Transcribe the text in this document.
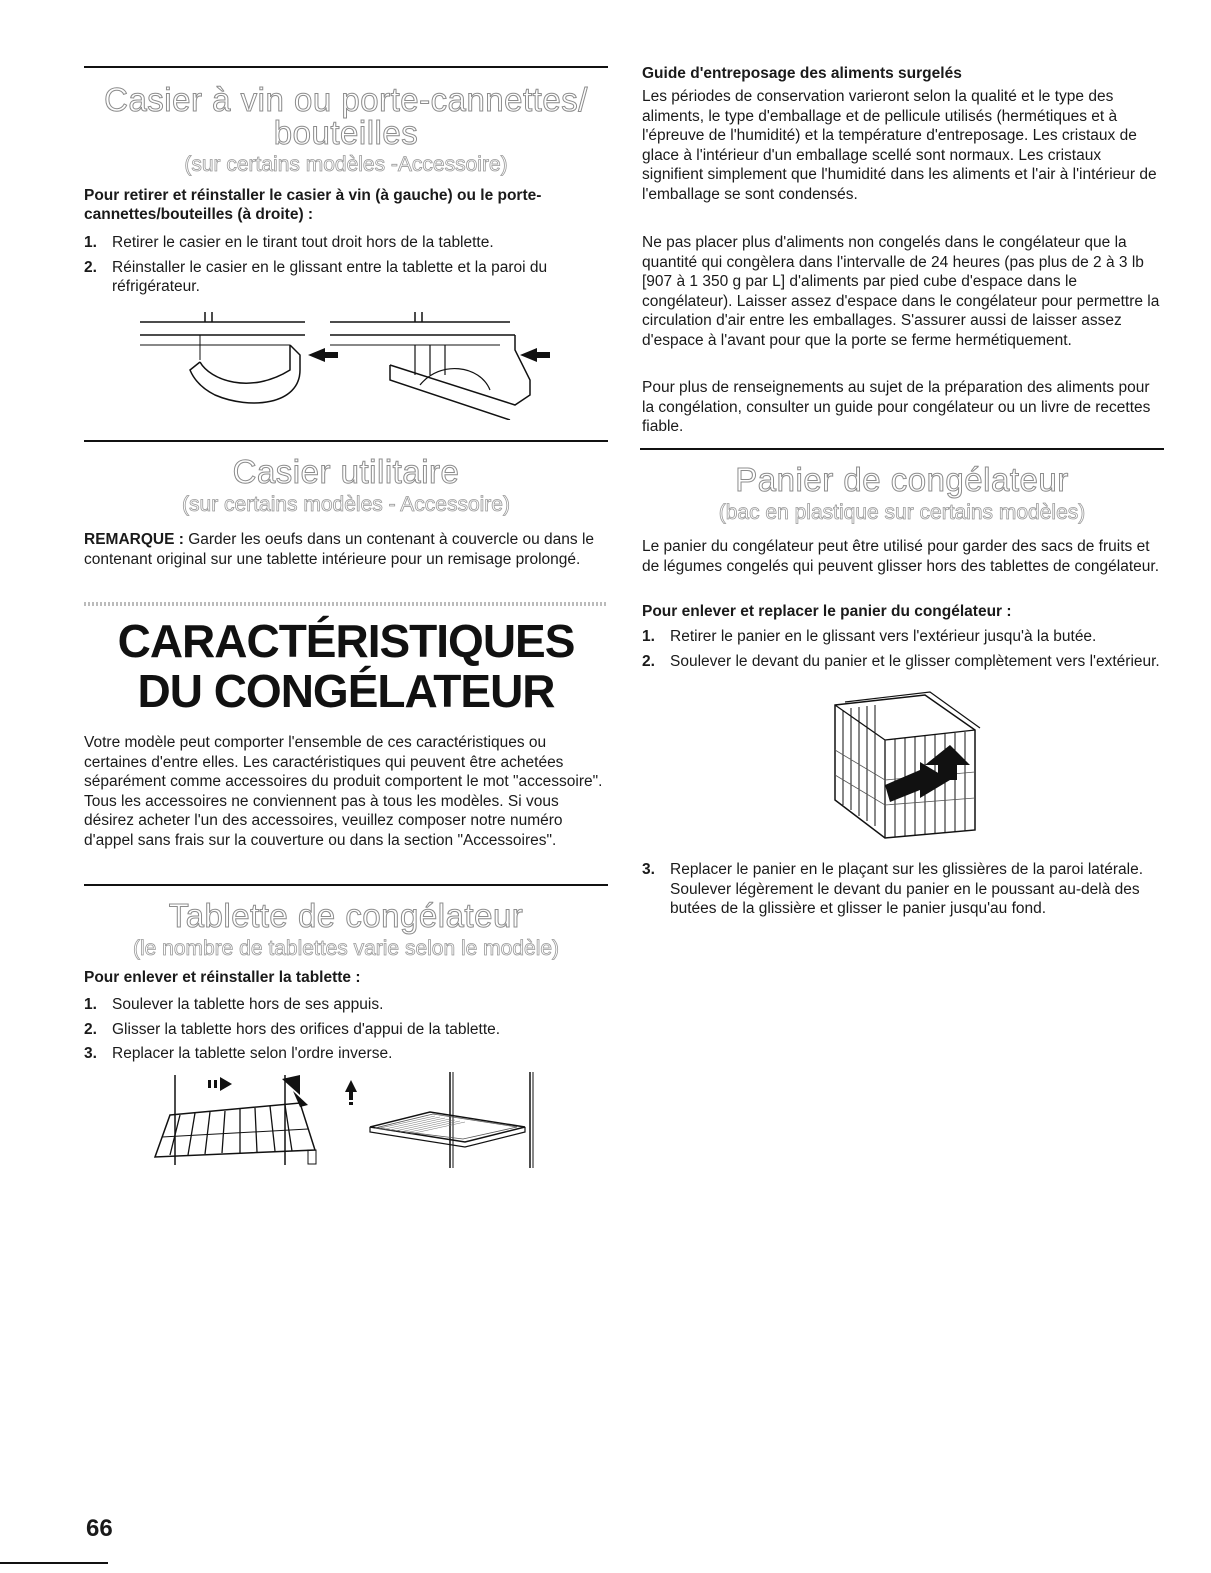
Casier à vin ou porte-cannettes/
bouteilles
(sur certains modèles -Accessoire)
Pour retirer et réinstaller le casier à vin (à gauche) ou le porte-cannettes/bouteilles (à droite) :
1. Retirer le casier en le tirant tout droit hors de la tablette.
2. Réinstaller le casier en le glissant entre la tablette et la paroi du réfrigérateur.
Casier utilitaire
(sur certains modèles - Accessoire)
REMARQUE : Garder les oeufs dans un contenant à couvercle ou dans le contenant original sur une tablette intérieure pour un remisage prolongé.
CARACTÉRISTIQUES
DU CONGÉLATEUR
Votre modèle peut comporter l'ensemble de ces caractéristiques ou certaines d'entre elles. Les caractéristiques qui peuvent être achetées séparément comme accessoires du produit comportent le mot "accessoire". Tous les accessoires ne conviennent pas à tous les modèles. Si vous désirez acheter l'un des accessoires, veuillez composer notre numéro d'appel sans frais sur la couverture ou dans la section "Accessoires".
Tablette de congélateur
(le nombre de tablettes varie selon le modèle)
Pour enlever et réinstaller la tablette :
1. Soulever la tablette hors de ses appuis.
2. Glisser la tablette hors des orifices d'appui de la tablette.
3. Replacer la tablette selon l'ordre inverse.
66
Guide d'entreposage des aliments surgelés
Les périodes de conservation varieront selon la qualité et le type des aliments, le type d'emballage et de pellicule utilisés (hermétiques et à l'épreuve de l'humidité) et la température d'entreposage. Les cristaux de glace à l'intérieur d'un emballage scellé sont normaux. Les cristaux signifient simplement que l'humidité dans les aliments et l'air à l'intérieur de l'emballage se sont condensés.
Ne pas placer plus d'aliments non congelés dans le congélateur que la quantité qui congèlera dans l'intervalle de 24 heures (pas plus de 2 à 3 lb [907 à 1 350 g par L] d'aliments par pied cube d'espace dans le congélateur). Laisser assez d'espace dans le congélateur pour permettre la circulation d'air entre les emballages. S'assurer aussi de laisser assez d'espace à l'avant pour que la porte se ferme hermétiquement.
Pour plus de renseignements au sujet de la préparation des aliments pour la congélation, consulter un guide pour congélateur ou un livre de recettes fiable.
Panier de congélateur
(bac en plastique sur certains modèles)
Le panier du congélateur peut être utilisé pour garder des sacs de fruits et de légumes congelés qui peuvent glisser hors des tablettes de congélateur.
Pour enlever et replacer le panier du congélateur :
1. Retirer le panier en le glissant vers l'extérieur jusqu'à la butée.
2. Soulever le devant du panier et le glisser complètement vers l'extérieur.
3. Replacer le panier en le plaçant sur les glissières de la paroi latérale. Soulever légèrement le devant du panier en le poussant au-delà des butées de la glissière et glisser le panier jusqu'au fond.
